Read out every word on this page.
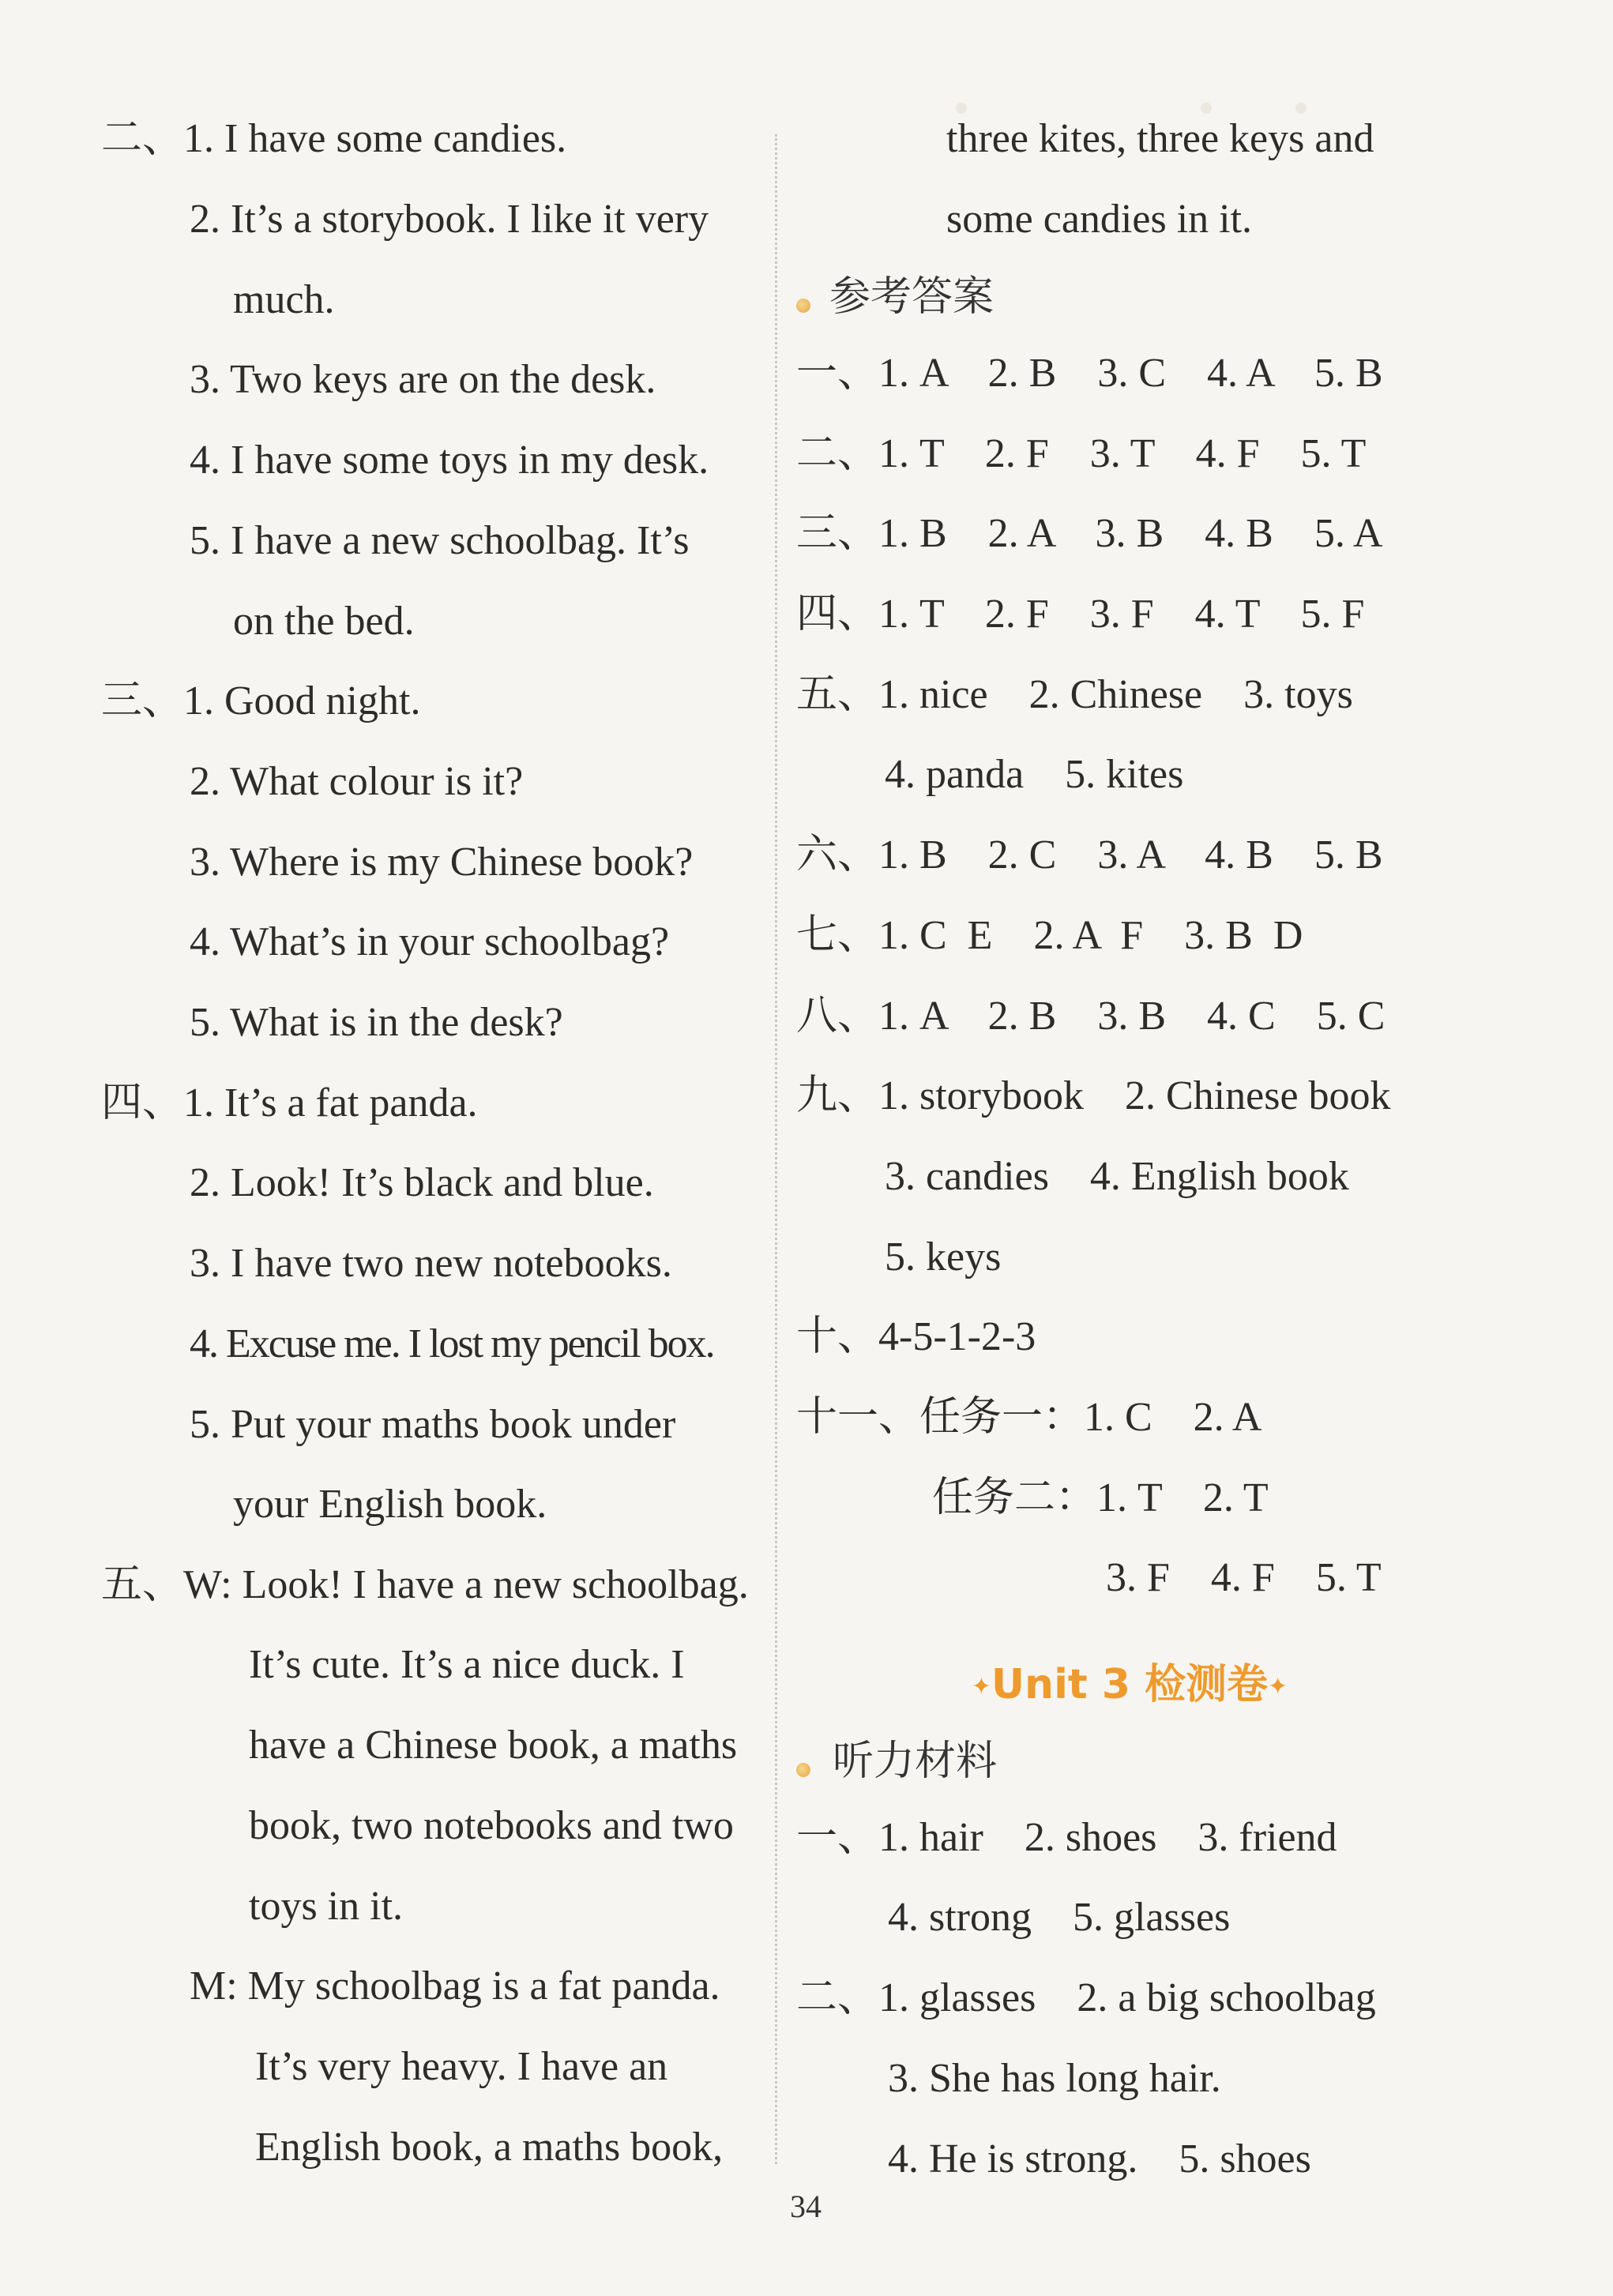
二、1. I have some candies.
2. It’s a storybook. I like it very
much.
3. Two keys are on the desk.
4. I have some toys in my desk.
5. I have a new schoolbag. It’s
on the bed.
三、1. Good night.
2. What colour is it?
3. Where is my Chinese book?
4. What’s in your schoolbag?
5. What is in the desk?
四、1. It’s a fat panda.
2. Look! It’s black and blue.
3. I have two new notebooks.
4. Excuse me. I lost my pencil box.
5. Put your maths book under
your English book.
五、W: Look! I have a new schoolbag.
It’s cute. It’s a nice duck. I
have a Chinese book, a maths
book, two notebooks and two
toys in it.
M: My schoolbag is a fat panda.
It’s very heavy. I have an
English book, a maths book,
three kites, three keys and
some candies in it.
参考答案
一、1. A    2. B    3. C    4. A    5. B
二、1. T    2. F    3. T    4. F    5. T
三、1. B    2. A    3. B    4. B    5. A
四、1. T    2. F    3. F    4. T    5. F
五、1. nice    2. Chinese    3. toys
4. panda    5. kites
六、1. B    2. C    3. A    4. B    5. B
七、1. C  E    2. A  F    3. B  D
八、1. A    2. B    3. B    4. C    5. C
九、1. storybook    2. Chinese book
3. candies    4. English book
5. keys
十、4-5-1-2-3
十一、任务一：1. C    2. A
任务二：1. T    2. T
3. F    4. F    5. T
✦Unit 3 检测卷✦
听力材料
一、1. hair    2. shoes    3. friend
4. strong    5. glasses
二、1. glasses    2. a big schoolbag
3. She has long hair.
4. He is strong.    5. shoes
34
